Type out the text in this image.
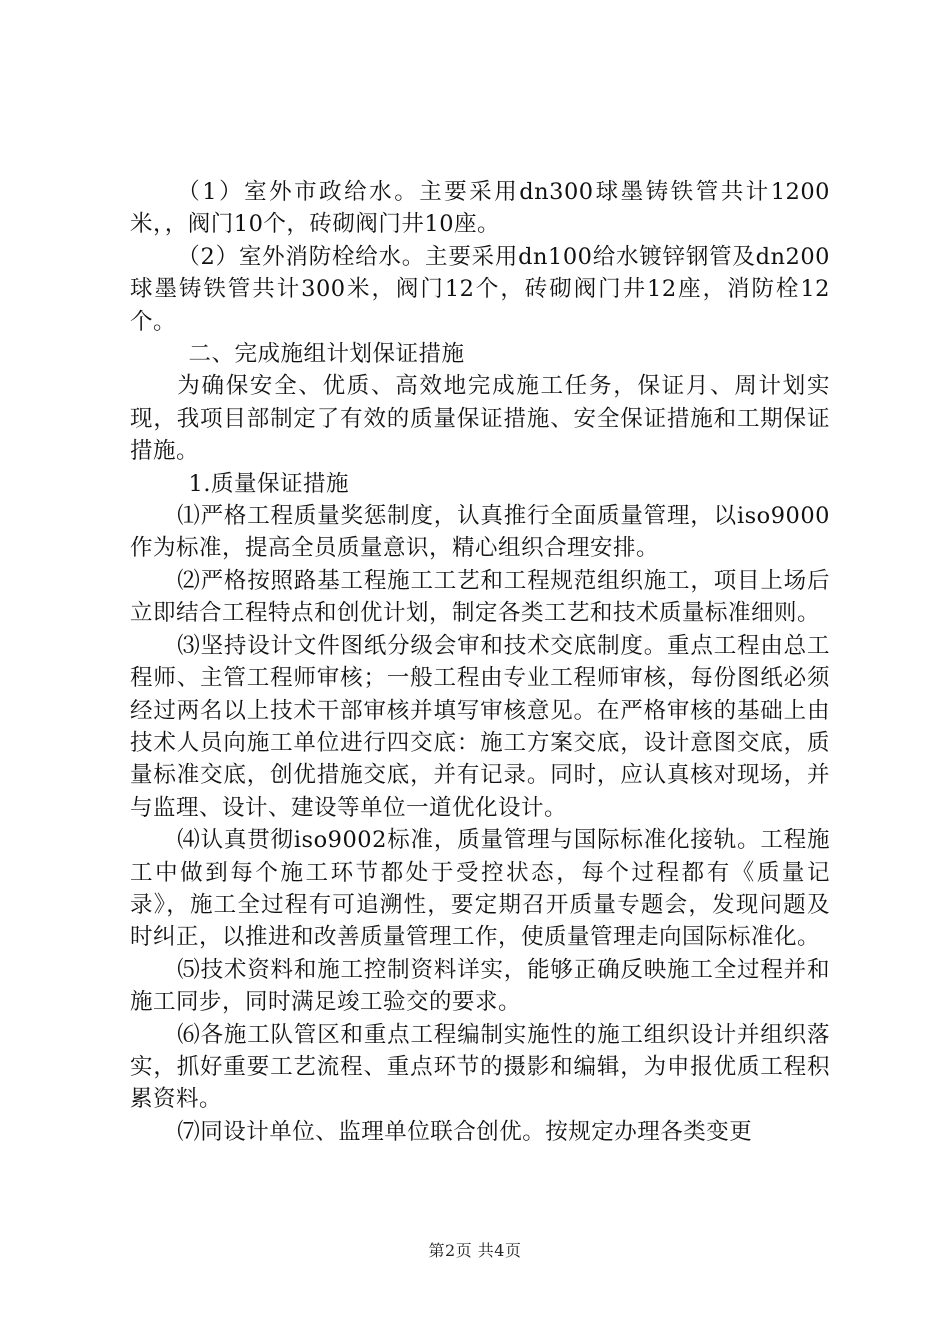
（1）室外市政给水。主要采用dn300球墨铸铁管共计1200米，，阀门10个，砖砌阀门井10座。

（2）室外消防栓给水。主要采用dn100给水镀锌钢管及dn200球墨铸铁管共计300米，阀门12个，砖砌阀门井12座，消防栓12个。

二、完成施组计划保证措施

为确保安全、优质、高效地完成施工任务，保证月、周计划实现，我项目部制定了有效的质量保证措施、安全保证措施和工期保证措施。

1.质量保证措施

⑴严格工程质量奖惩制度，认真推行全面质量管理，以iso9000作为标准，提高全员质量意识，精心组织合理安排。

⑵严格按照路基工程施工工艺和工程规范组织施工，项目上场后立即结合工程特点和创优计划，制定各类工艺和技术质量标准细则。

⑶坚持设计文件图纸分级会审和技术交底制度。重点工程由总工程师、主管工程师审核；一般工程由专业工程师审核，每份图纸必须经过两名以上技术干部审核并填写审核意见。在严格审核的基础上由技术人员向施工单位进行四交底：施工方案交底，设计意图交底，质量标准交底，创优措施交底，并有记录。同时，应认真核对现场，并与监理、设计、建设等单位一道优化设计。

⑷认真贯彻iso9002标准，质量管理与国际标准化接轨。工程施工中做到每个施工环节都处于受控状态，每个过程都有《质量记录》，施工全过程有可追溯性，要定期召开质量专题会，发现问题及时纠正，以推进和改善质量管理工作，使质量管理走向国际标准化。

⑸技术资料和施工控制资料详实，能够正确反映施工全过程并和施工同步，同时满足竣工验交的要求。

⑹各施工队管区和重点工程编制实施性的施工组织设计并组织落实，抓好重要工艺流程、重点环节的摄影和编辑，为申报优质工程积累资料。

⑺同设计单位、监理单位联合创优。按规定办理各类变更

第2页 共4页
